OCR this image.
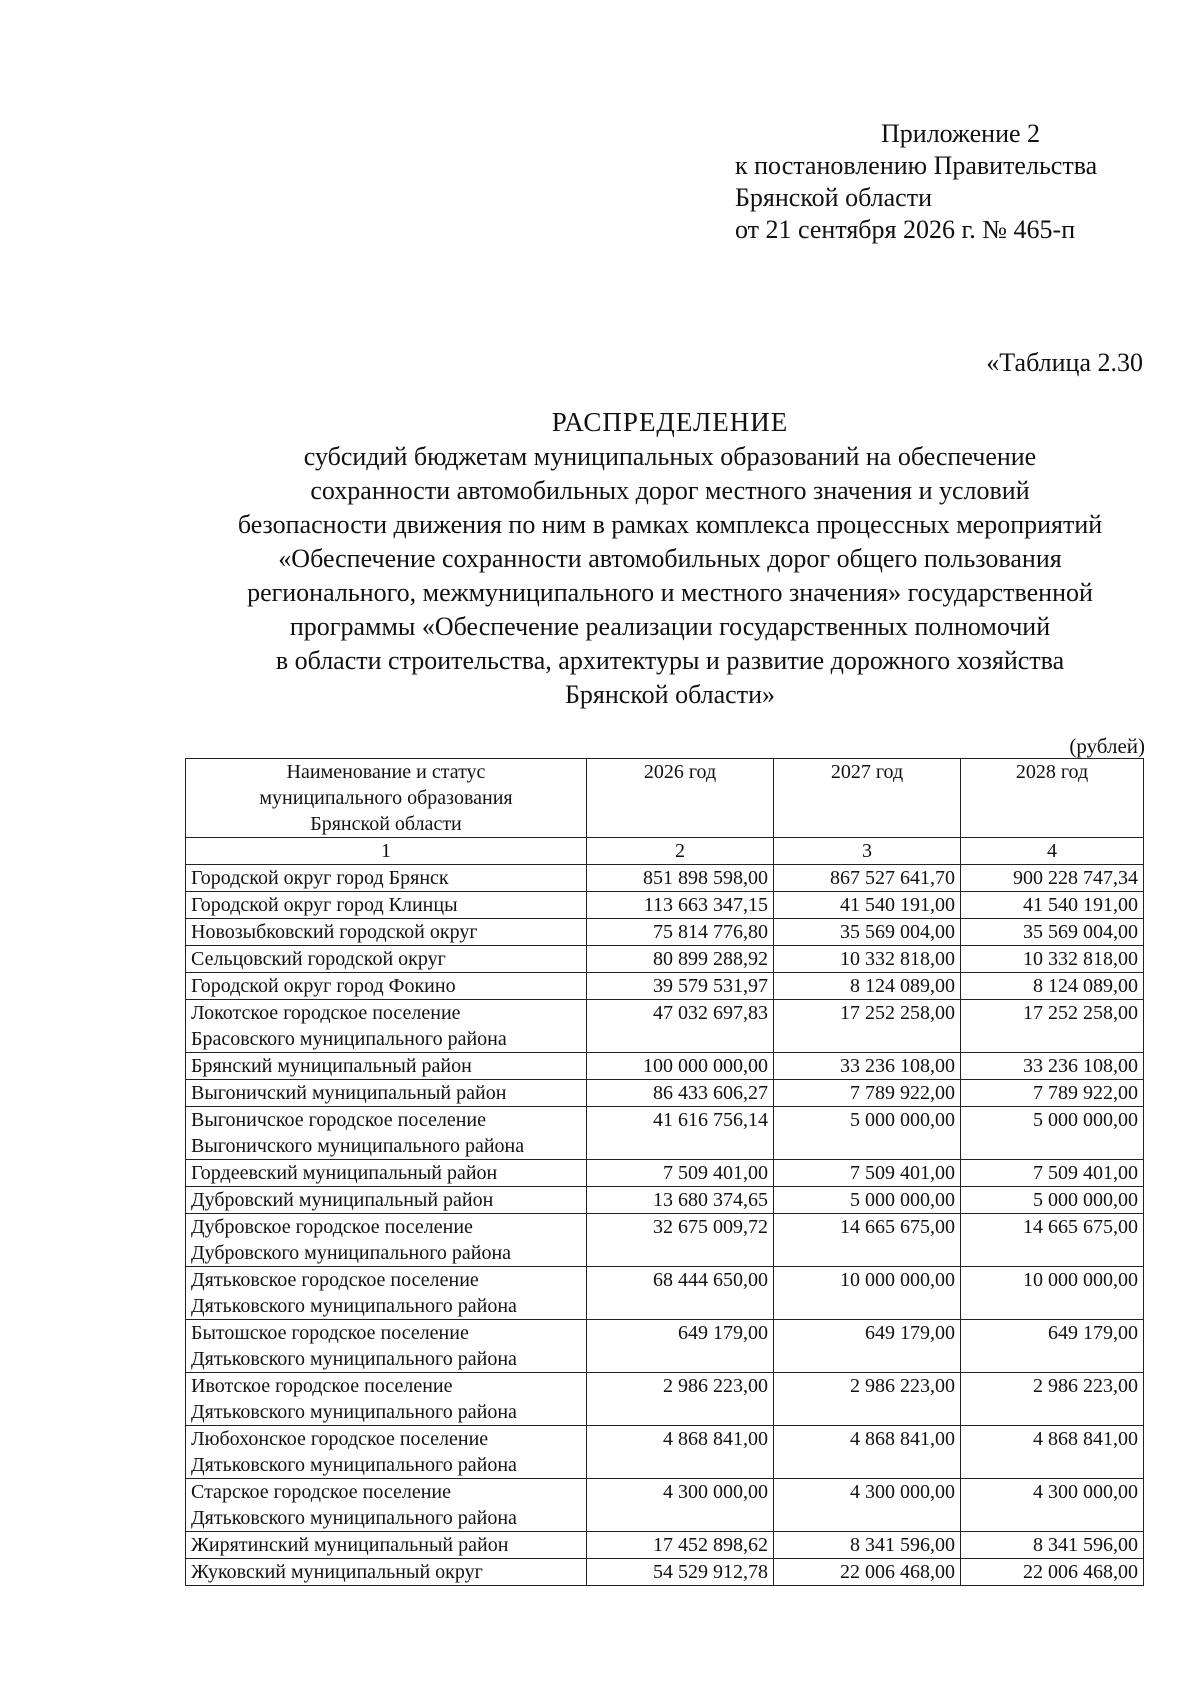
Приложение 2
к постановлению Правительства
Брянской области
от 21 сентября 2026 г. № 465-п
«Таблица 2.30
РАСПРЕДЕЛЕНИЕ
субсидий бюджетам муниципальных образований на обеспечение
сохранности автомобильных дорог местного значения и условий
безопасности движения по ним в рамках комплекса процессных мероприятий
«Обеспечение сохранности автомобильных дорог общего пользования
регионального, межмуниципального и местного значения» государственной
программы «Обеспечение реализации государственных полномочий
в области строительства, архитектуры и развитие дорожного хозяйства
Брянской области»
(рублей)
Наименование и статус
муниципального образования
Брянской области	2026 год	2027 год	2028 год
1	2	3	4

Городской округ город Брянск	851 898 598,00	867 527 641,70	900 228 747,34

Городской округ город Клинцы	113 663 347,15	41 540 191,00	41 540 191,00

Новозыбковский городской округ	75 814 776,80	35 569 004,00	35 569 004,00

Сельцовский городской округ	80 899 288,92	10 332 818,00	10 332 818,00

Городской округ город Фокино	39 579 531,97	8 124 089,00	8 124 089,00

Локотское городское поселение
Брасовского муниципального района	47 032 697,83	17 252 258,00	17 252 258,00

Брянский муниципальный район	100 000 000,00	33 236 108,00	33 236 108,00

Выгоничский муниципальный район	86 433 606,27	7 789 922,00	7 789 922,00

Выгоничское городское поселение
Выгоничского муниципального района	41 616 756,14	5 000 000,00	5 000 000,00

Гордеевский муниципальный район	7 509 401,00	7 509 401,00	7 509 401,00

Дубровский муниципальный район	13 680 374,65	5 000 000,00	5 000 000,00

Дубровское городское поселение
Дубровского муниципального района	32 675 009,72	14 665 675,00	14 665 675,00

Дятьковское городское поселение
Дятьковского муниципального района	68 444 650,00	10 000 000,00	10 000 000,00

Бытошское городское поселение
Дятьковского муниципального района	649 179,00	649 179,00	649 179,00

Ивотское городское поселение
Дятьковского муниципального района	2 986 223,00	2 986 223,00	2 986 223,00

Любохонское городское поселение
Дятьковского муниципального района	4 868 841,00	4 868 841,00	4 868 841,00

Старское городское поселение
Дятьковского муниципального района	4 300 000,00	4 300 000,00	4 300 000,00

Жирятинский муниципальный район	17 452 898,62	8 341 596,00	8 341 596,00

Жуковский муниципальный округ	54 529 912,78	22 006 468,00	22 006 468,00
